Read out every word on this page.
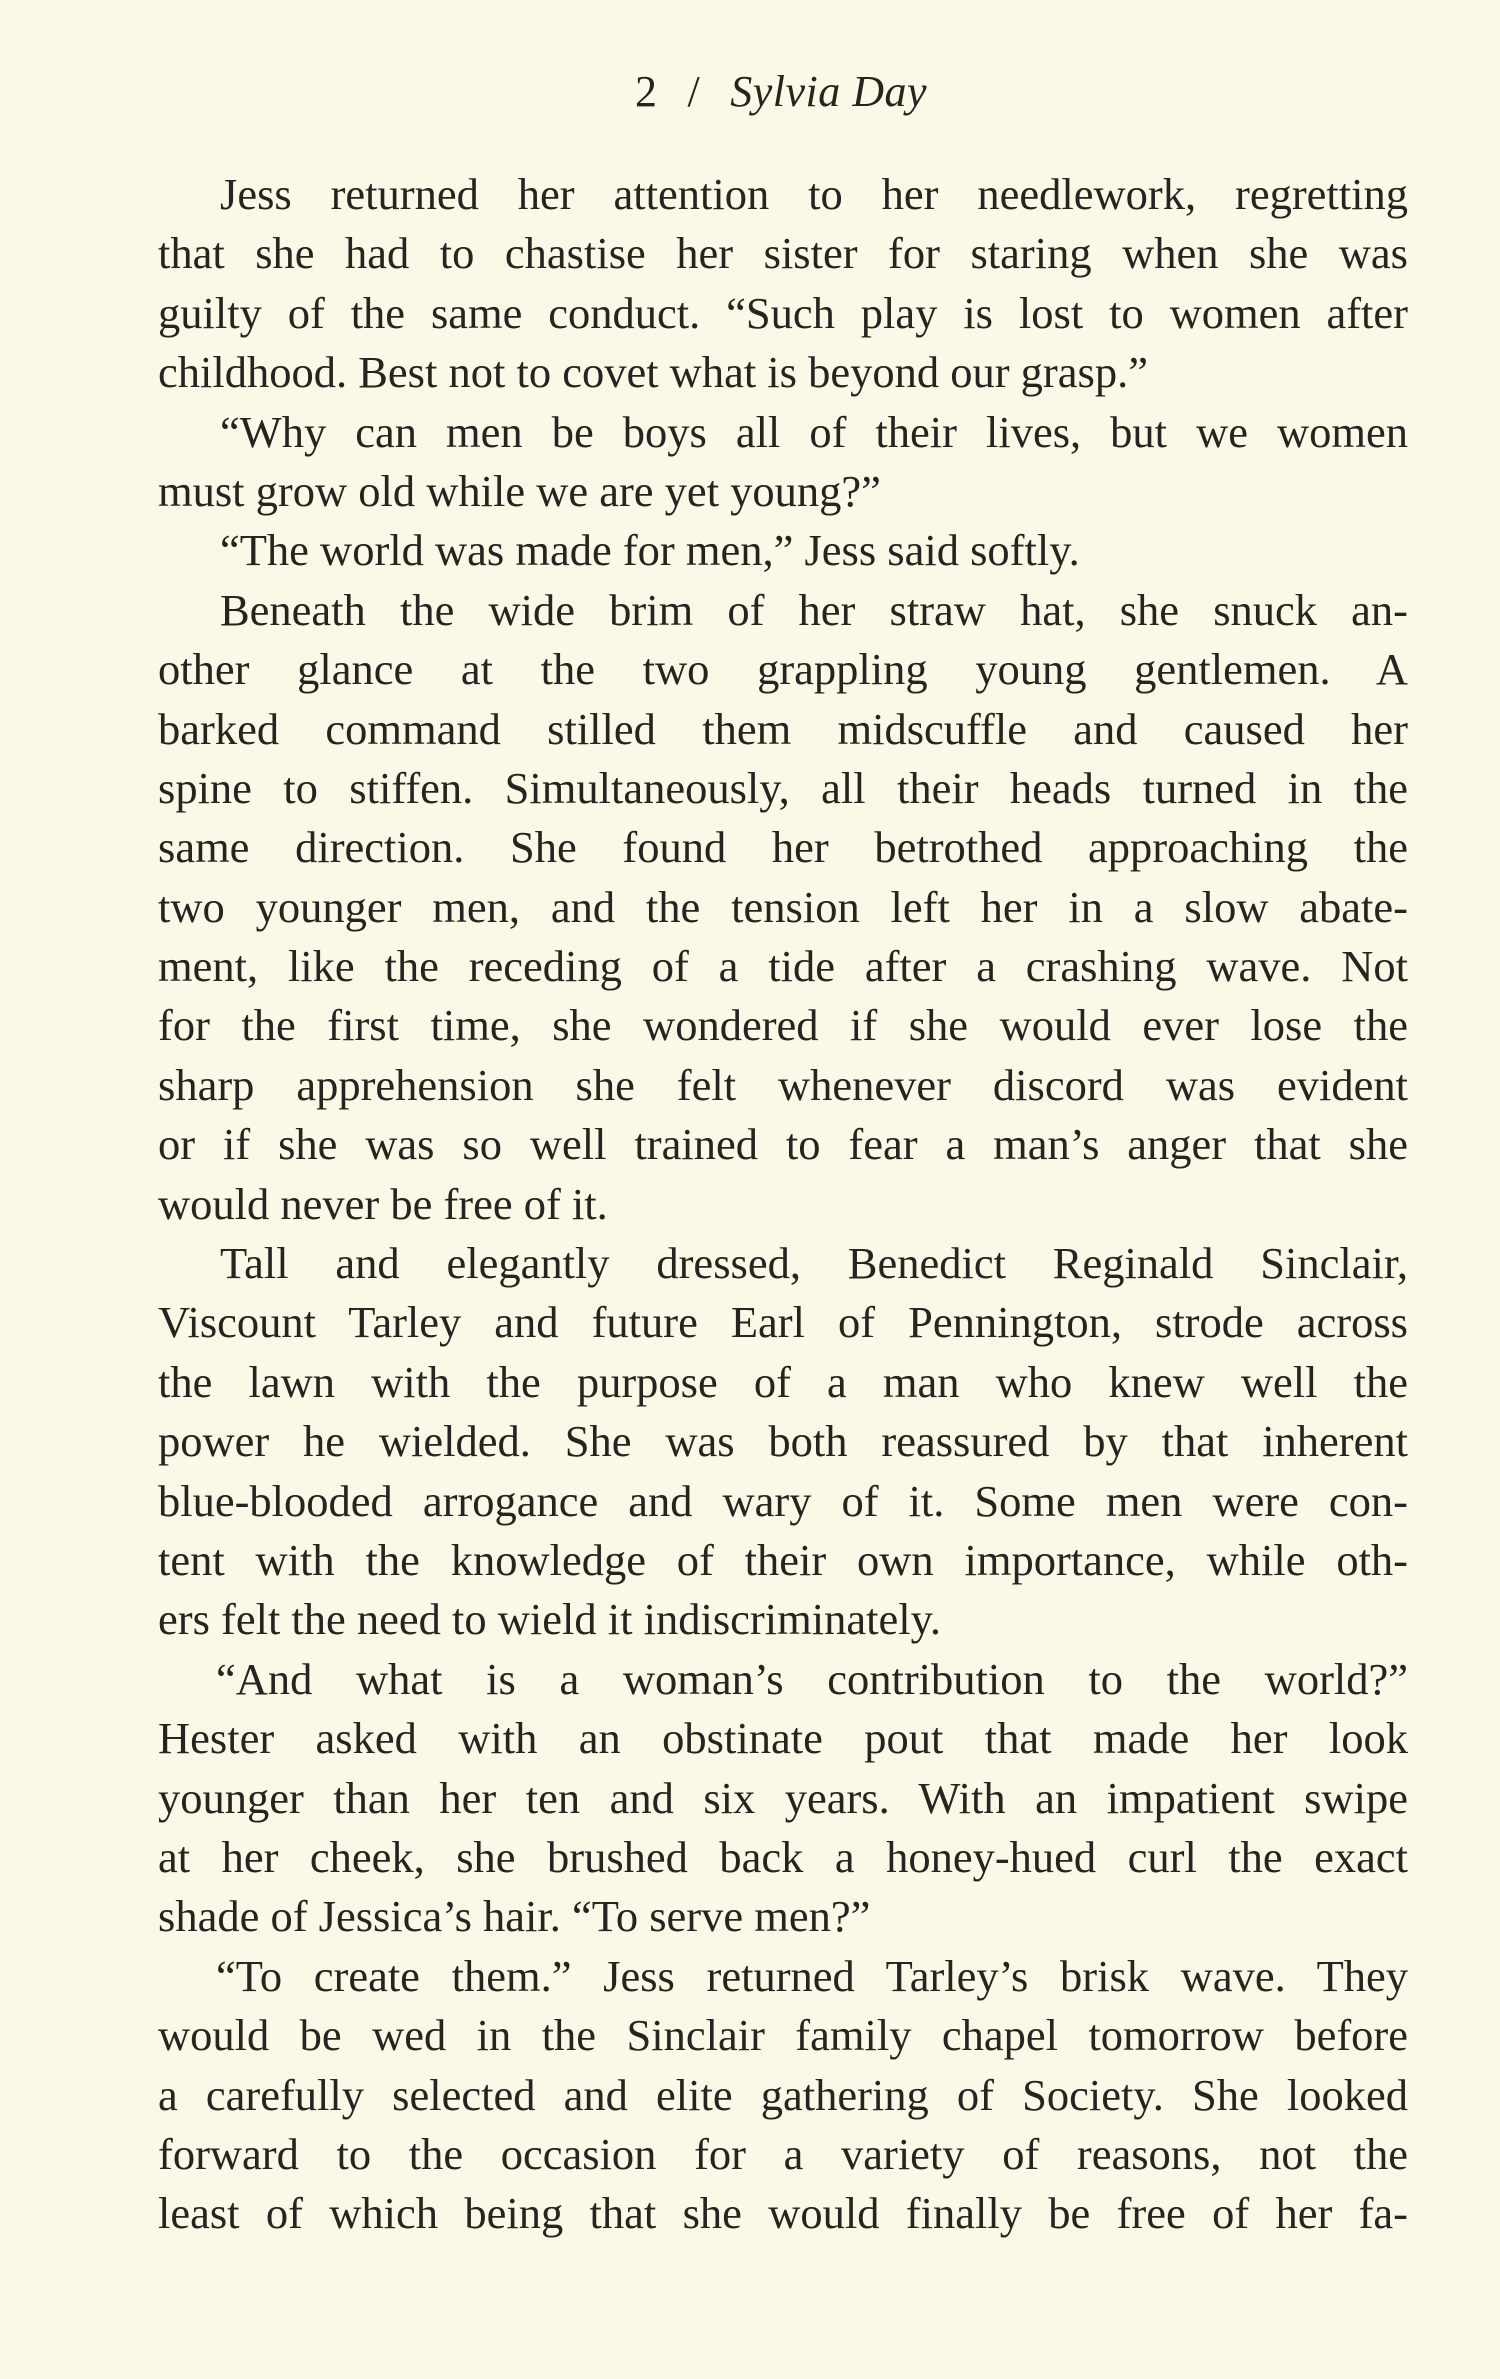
2 / Sylvia Day
Jess returned her attention to her needlework, regretting
that she had to chastise her sister for staring when she was
guilty of the same conduct. “Such play is lost to women after
childhood. Best not to covet what is beyond our grasp.”
“Why can men be boys all of their lives, but we women
must grow old while we are yet young?”
“The world was made for men,” Jess said softly.
Beneath the wide brim of her straw hat, she snuck an-
other glance at the two grappling young gentlemen. A
barked command stilled them midscuffle and caused her
spine to stiffen. Simultaneously, all their heads turned in the
same direction. She found her betrothed approaching the
two younger men, and the tension left her in a slow abate-
ment, like the receding of a tide after a crashing wave. Not
for the first time, she wondered if she would ever lose the
sharp apprehension she felt whenever discord was evident
or if she was so well trained to fear a man’s anger that she
would never be free of it.
Tall and elegantly dressed, Benedict Reginald Sinclair,
Viscount Tarley and future Earl of Pennington, strode across
the lawn with the purpose of a man who knew well the
power he wielded. She was both reassured by that inherent
blue-blooded arrogance and wary of it. Some men were con-
tent with the knowledge of their own importance, while oth-
ers felt the need to wield it indiscriminately.
“And what is a woman’s contribution to the world?”
Hester asked with an obstinate pout that made her look
younger than her ten and six years. With an impatient swipe
at her cheek, she brushed back a honey-hued curl the exact
shade of Jessica’s hair. “To serve men?”
“To create them.” Jess returned Tarley’s brisk wave. They
would be wed in the Sinclair family chapel tomorrow before
a carefully selected and elite gathering of Society. She looked
forward to the occasion for a variety of reasons, not the
least of which being that she would finally be free of her fa-
